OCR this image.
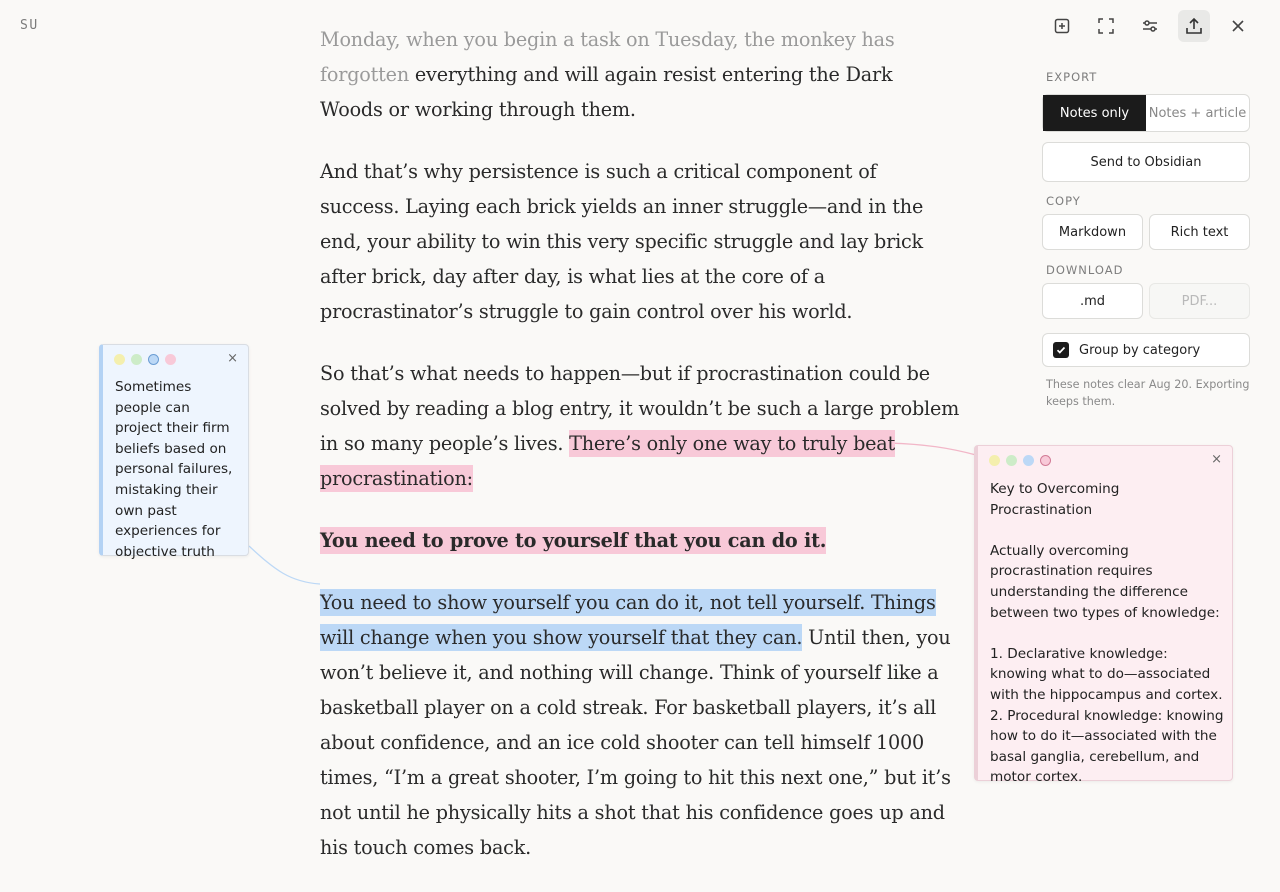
SU

Monday, when you begin a task on Tuesday, the monkey has forgotten everything and will again resist entering the Dark Woods or working through them.

And that’s why persistence is such a critical component of success. Laying each brick yields an inner struggle—and in the end, your ability to win this very specific struggle and lay brick after brick, day after day, is what lies at the core of a procrastinator’s struggle to gain control over his world.

So that’s what needs to happen—but if procrastination could be solved by reading a blog entry, it wouldn’t be such a large problem in so many people’s lives. There’s only one way to truly beat procrastination:

You need to prove to yourself that you can do it.

You need to show yourself you can do it, not tell yourself. Things will change when you show yourself that they can. Until then, you won’t believe it, and nothing will change. Think of yourself like a basketball player on a cold streak. For basketball players, it’s all about confidence, and an ice cold shooter can tell himself 1000 times, “I’m a great shooter, I’m going to hit this next one,” but it’s not until he physically hits a shot that his confidence goes up and his touch comes back.

×
Sometimes people can project their firm beliefs based on personal failures, mistaking their own past experiences for objective truth
×
Key to Overcoming Procrastination

Actually overcoming procrastination requires understanding the difference between two types of knowledge:

1. Declarative knowledge: knowing what to do—associated with the hippocampus and cortex.
2. Procedural knowledge: knowing how to do it—associated with the basal ganglia, cerebellum, and motor cortex.
EXPORT
Notes only	Notes + article
Send to Obsidian
COPY
Markdown	Rich text
DOWNLOAD
.md	PDF...
Group by category
These notes clear Aug 20. Exporting keeps them.
